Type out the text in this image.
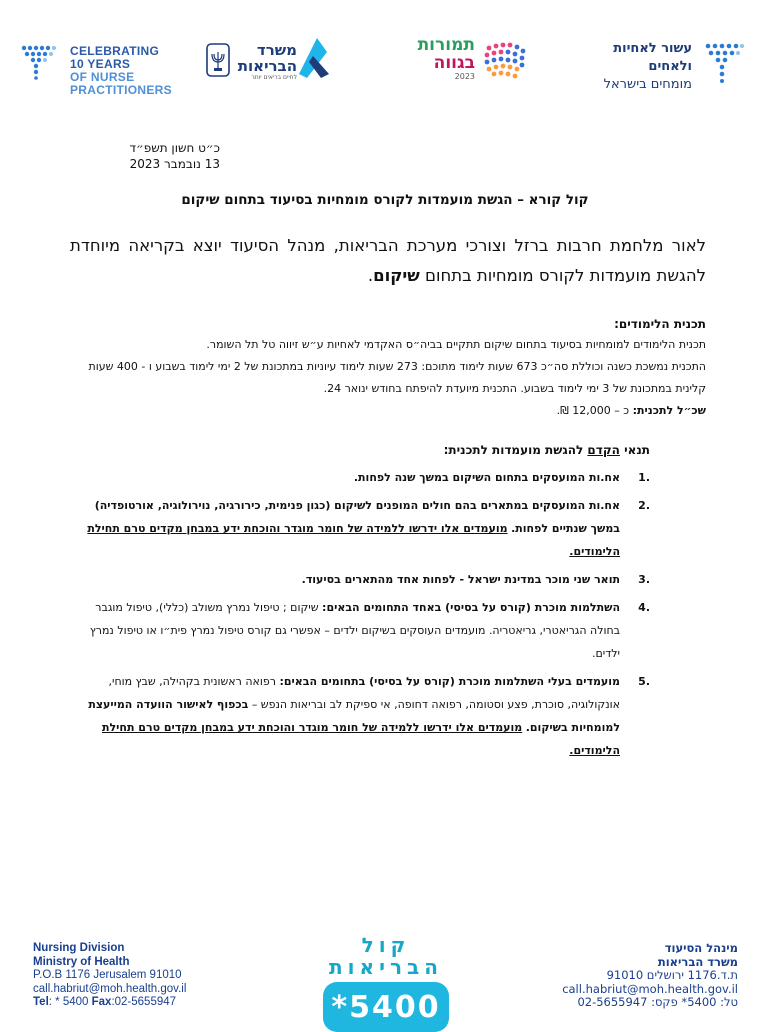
CELEBRATING 10 YEARS
OF NURSE PRACTITIONERS
משרד
הבריאות
לחיים בריאים יותר
תמורות
בגווה
2023
עשור לאחיות ולאחים
מומחים בישראל
כ״ט חשון תשפ״ד
13 נובמבר 2023
קול קורא – הגשת מועמדות לקורס מומחיות בסיעוד בתחום שיקום
לאור מלחמת חרבות ברזל וצורכי מערכת הבריאות, מנהל הסיעוד יוצא בקריאה מיוחדת להגשת מועמדות לקורס מומחיות בתחום שיקום.
תכנית הלימודים:
תכנית הלימודים למומחיות בסיעוד בתחום שיקום תתקיים בביה״ס האקדמי לאחיות ע״ש זיווה טל תל השומר.
התכנית נמשכת כשנה וכוללת סה״כ 673 שעות לימוד מתוכם: 273 שעות לימוד עיוניות במתכונת של 2 ימי לימוד בשבוע ו - 400 שעות קלינית במתכונת של 3 ימי לימוד בשבוע. התכנית מיועדת להיפתח בחודש ינואר 24.
שכ״ל לתכנית: כ – 12,000 ₪.
תנאי הקדם להגשת מועמדות לתכנית:
.1
אח.ות המועסקים בתחום השיקום במשך שנה לפחות.
.2
אח.ות המועסקים במתארים בהם חולים המופנים לשיקום (כגון פנימית, כירורגיה, נוירולוגיה, אורטופדיה) במשך שנתיים לפחות. מועמדים אלו ידרשו ללמידה של חומר מוגדר והוכחת ידע במבחן מקדים טרם תחילת הלימודים.
.3
תואר שני מוכר במדינת ישראל - לפחות אחד מהתארים בסיעוד.
.4
השתלמות מוכרת (קורס על בסיסי) באחד התחומים הבאים: שיקום ; טיפול נמרץ משולב (כללי), טיפול מוגבר בחולה הגריאטרי, גריאטריה. מועמדים העוסקים בשיקום ילדים – אפשרי גם קורס טיפול נמרץ פית״ו או טיפול נמרץ ילדים.
.5
מועמדים בעלי השתלמות מוכרת (קורס על בסיסי) בתחומים הבאים: רפואה ראשונית בקהילה, שבץ מוחי, אונקולוגיה, סוכרת, פצע וסטומה, רפואה דחופה, אי ספיקת לב ובריאות הנפש – בכפוף לאישור הוועדה המייעצת למומחיות בשיקום. מועמדים אלו ידרשו ללמידה של חומר מוגדר והוכחת ידע במבחן מקדים טרם תחילת הלימודים.
Nursing Division
Ministry of Health
P.O.B 1176 Jerusalem 91010
call.habriut@moh.health.gov.il
Tel: * 5400 Fax:02-5655947
קול הבריאות
*5400
מינהל הסיעוד
משרד הבריאות
ת.ד.1176 ירושלים 91010
call.habriut@moh.health.gov.il
טל: 5400* פקס: 02-5655947
